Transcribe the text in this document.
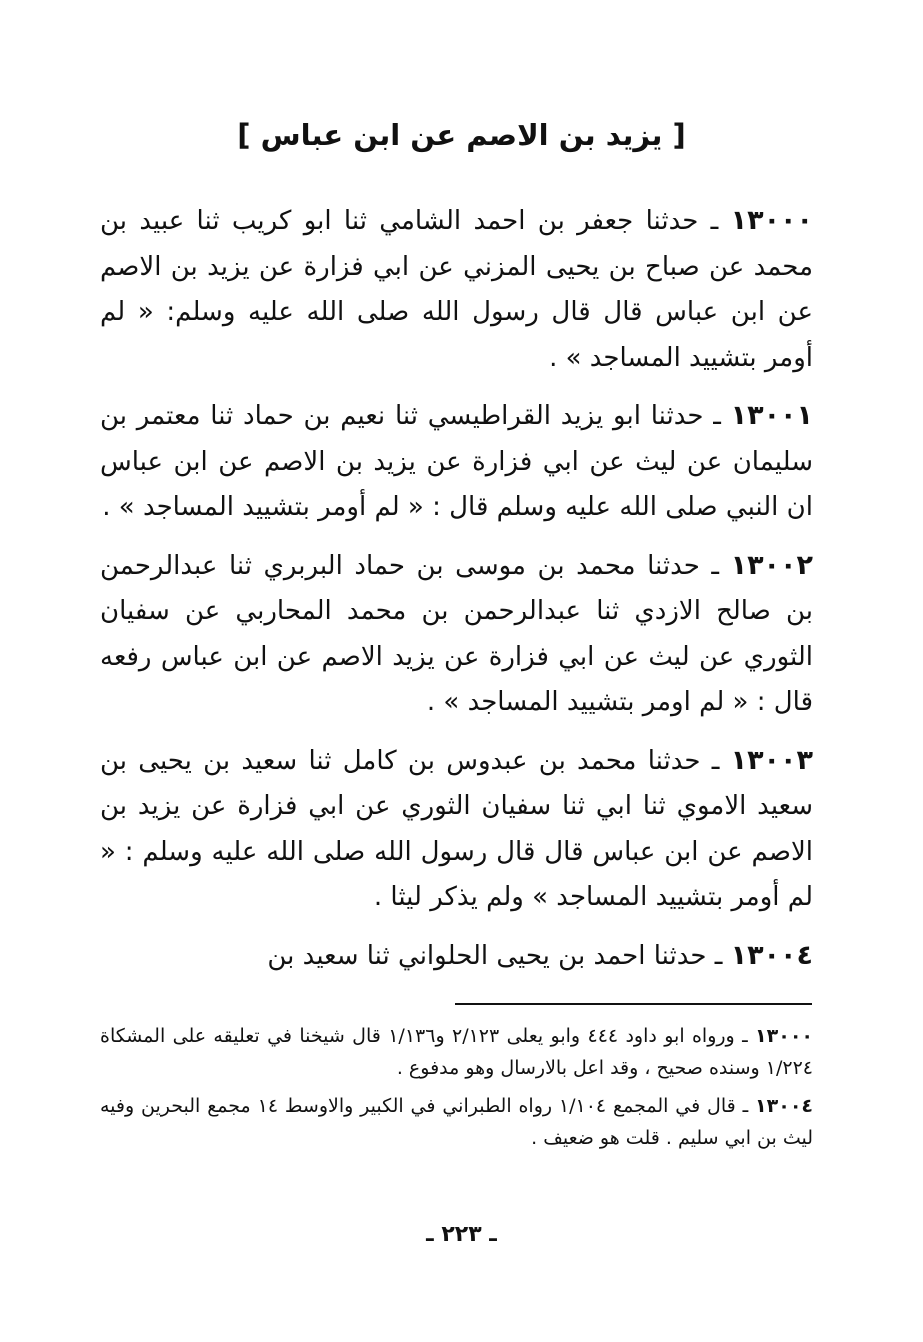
[ يزيد بن الاصم عن ابن عباس ]

١٣٠٠٠ ـ حدثنا جعفر بن احمد الشامي ثنا ابو كريب ثنا عبيد بن محمد عن صباح بن يحيى المزني عن ابي فزارة عن يزيد بن الاصم عن ابن عباس قال قال رسول الله صلى الله عليه وسلم: « لم أومر بتشييد المساجد » .

١٣٠٠١ ـ حدثنا ابو يزيد القراطيسي ثنا نعيم بن حماد ثنا معتمر بن سليمان عن ليث عن ابي فزارة عن يزيد بن الاصم عن ابن عباس ان النبي صلى الله عليه وسلم قال : « لم أومر بتشييد المساجد » .

١٣٠٠٢ ـ حدثنا محمد بن موسى بن حماد البربري ثنا عبدالرحمن بن صالح الازدي ثنا عبدالرحمن بن محمد المحاربي عن سفيان الثوري عن ليث عن ابي فزارة عن يزيد الاصم عن ابن عباس رفعه قال : « لم اومر بتشييد المساجد » .

١٣٠٠٣ ـ حدثنا محمد بن عبدوس بن كامل ثنا سعيد بن يحيى بن سعيد الاموي ثنا ابي ثنا سفيان الثوري عن ابي فزارة عن يزيد بن الاصم عن ابن عباس قال قال رسول الله صلى الله عليه وسلم : « لم أومر بتشييد المساجد » ولم يذكر ليثا .

١٣٠٠٤ ـ حدثنا احمد بن يحيى الحلواني ثنا سعيد بن

١٣٠٠٠ ـ ورواه ابو داود ٤٤٤ وابو يعلى ٢/١٢٣ و١/١٣٦ قال شيخنا في تعليقه على المشكاة ١/٢٢٤ وسنده صحيح ، وقد اعل بالارسال وهو مدفوع .

١٣٠٠٤ ـ قال في المجمع ١/١٠٤ رواه الطبراني في الكبير والاوسط ١٤ مجمع البحرين وفيه ليث بن ابي سليم . قلت هو ضعيف .

ـ ٢٢٣ ـ
